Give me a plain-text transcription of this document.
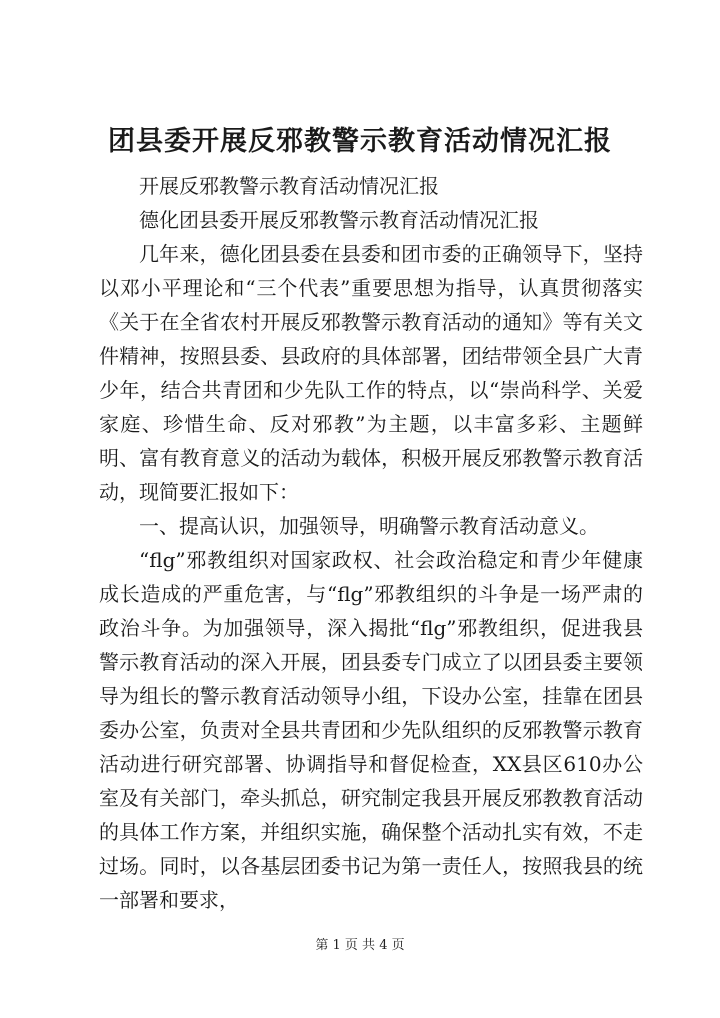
团县委开展反邪教警示教育活动情况汇报

开展反邪教警示教育活动情况汇报

德化团县委开展反邪教警示教育活动情况汇报

几年来，德化团县委在县委和团市委的正确领导下，坚持以邓小平理论和“三个代表”重要思想为指导，认真贯彻落实《关于在全省农村开展反邪教警示教育活动的通知》等有关文件精神，按照县委、县政府的具体部署，团结带领全县广大青少年，结合共青团和少先队工作的特点，以“崇尚科学、关爱家庭、珍惜生命、反对邪教”为主题，以丰富多彩、主题鲜明、富有教育意义的活动为载体，积极开展反邪教警示教育活动，现简要汇报如下：

一、提高认识，加强领导，明确警示教育活动意义。

“flg”邪教组织对国家政权、社会政治稳定和青少年健康成长造成的严重危害，与“flg”邪教组织的斗争是一场严肃的政治斗争。为加强领导，深入揭批“flg”邪教组织，促进我县警示教育活动的深入开展，团县委专门成立了以团县委主要领导为组长的警示教育活动领导小组，下设办公室，挂靠在团县委办公室，负责对全县共青团和少先队组织的反邪教警示教育活动进行研究部署、协调指导和督促检查，XX县区610办公室及有关部门，牵头抓总，研究制定我县开展反邪教教育活动的具体工作方案，并组织实施，确保整个活动扎实有效，不走过场。同时，以各基层团委书记为第一责任人，按照我县的统一部署和要求，

第 1 页 共 4 页
